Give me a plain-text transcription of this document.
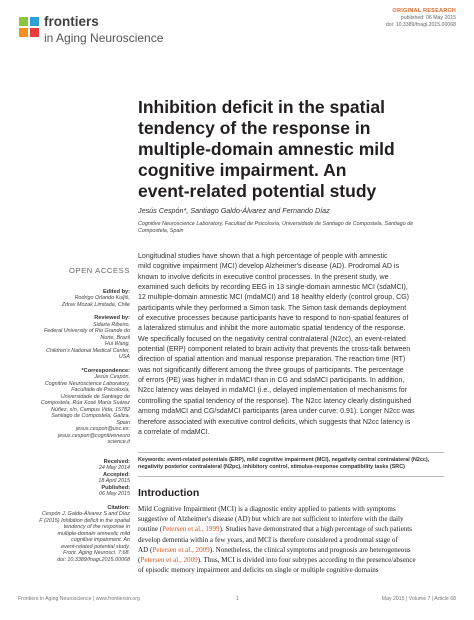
frontiers
in Aging Neuroscience
ORIGINAL RESEARCH
published: 06 May 2015
doi: 10.3389/fnagi.2015.00068
Inhibition deficit in the spatial
tendency of the response in
multiple-domain amnestic mild
cognitive impairment. An
event-related potential study
Jesús Cespón*, Santiago Galdo-Álvarez and Fernando Díaz
Cognitive Neuroscience Laboratory, Facultad de Psicoloxía, Universidade de Santiago de Compostela, Santiago de
Compostela, Spain
OPEN ACCESS
Edited by:
Rodrigo Orlando Kuljiš,
Zdrav Mozak Limitada, Chile
Reviewed by:
Sidarta Ribeiro,
Federal University of Rio Grande do
Norte, Brazil
Hui Wang,
Children's National Medical Center,
USA
*Correspondence:
Jesús Cespón,
Cognitive Neuroscience Laboratory,
Facultade de Psicoloxía,
Universidade de Santiago de
Compostela, Rúa Xosé María Suárez
Núñez, s/n, Campus Vida, 15782
Santiago de Compostela, Galiza,
Spain
jesus.cespon@usc.es;
jesus.cespon@cognitiveneuro
science.it
Received:
24 May 2014
Accepted:
18 April 2015
Published:
06 May 2015
Citation:
Cespón J, Galdo-Álvarez S and Díaz
F (2015) Inhibition deficit in the spatial
tendency of the response in
multiple-domain amnestic mild
cognitive impairment. An
event-related potential study.
Front. Aging Neurosci. 7:68.
doi: 10.3389/fnagi.2015.00068
Longitudinal studies have shown that a high percentage of people with amnestic
mild cognitive impairment (MCI) develop Alzheimer's disease (AD). Prodromal AD is
known to involve deficits in executive control processes. In the present study, we
examined such deficits by recording EEG in 13 single-domain amnestic MCI (sdaMCI),
12 multiple-domain amnestic MCI (mdaMCI) and 18 healthy elderly (control group, CG)
participants while they performed a Simon task. The Simon task demands deployment
of executive processes because participants have to respond to non-spatial features of
a lateralized stimulus and inhibit the more automatic spatial tendency of the response.
We specifically focused on the negativity central contralateral (N2cc), an event-related
potential (ERP) component related to brain activity that prevents the cross-talk between
direction of spatial attention and manual response preparation. The reaction time (RT)
was not significantly different among the three groups of participants. The percentage
of errors (PE) was higher in mdaMCI than in CG and sdaMCI participants. In addition,
N2cc latency was delayed in mdaMCI (i.e., delayed implementation of mechanisms for
controlling the spatial tendency of the response). The N2cc latency clearly distinguished
among mdaMCI and CG/sdaMCI participants (area under curve: 0.91). Longer N2cc was
therefore associated with executive control deficits, which suggests that N2cc latency is
a correlate of mdaMCI.
Keywords: event-related potentials (ERP), mild cognitive impairment (MCI), negativity central contralateral (N2cc),
negativity posterior contralateral (N2pc), inhibitory control, stimulus-response compatibility tasks (SRC)
Introduction
Mild Cognitive Impairment (MCI) is a diagnostic entity applied to patients with symptoms
suggestive of Alzheimer's disease (AD) but which are not sufficient to interfere with the daily
routine (Petersen et al., 1999). Studies have demonstrated that a high percentage of such patients
develop dementia within a few years, and MCI is therefore considered a prodromal stage of
AD (Petersen et al., 2009). Nonetheless, the clinical symptoms and prognosis are heterogeneous
(Petersen et al., 2009). Thus, MCI is divided into four subtypes according to the presence/absence
of episodic memory impairment and deficits on single or multiple cognitive domains
Frontiers in Aging Neuroscience | www.frontiersin.org	1	May 2015 | Volume 7 | Article 68
